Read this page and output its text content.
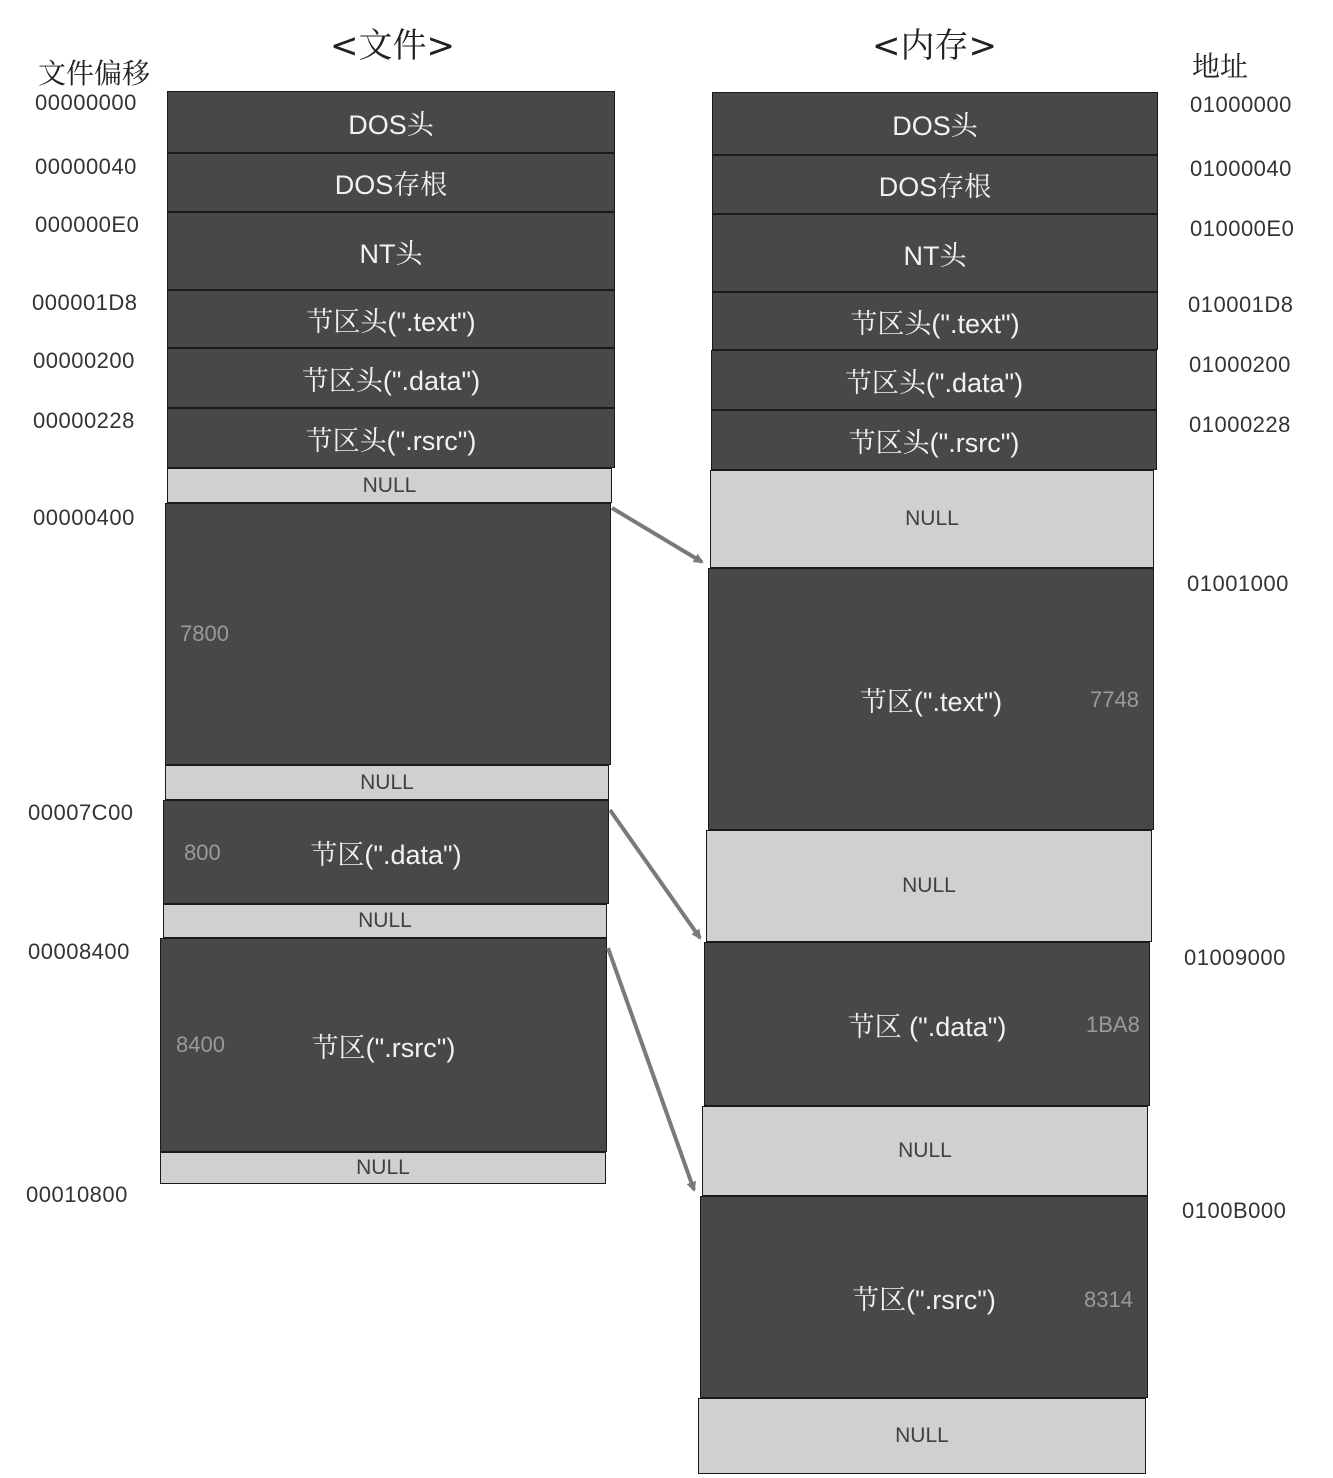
<文件>	<内存>
文件偏移	地址
00000000
00000040
000000E0
000001D8
00000200
00000228
00000400
00007C00
00008400
00010800
01000000
01000040
010000E0
010001D8
01000200
01000228
01001000
01009000
0100B000
DOS头
DOS存根
NT头
节区头(".text")
节区头(".data")
节区头(".rsrc")
NULL
NULL
节区(".data")
NULL
节区(".rsrc")
NULL
7800
800
8400
DOS头
DOS存根
NT头
节区头(".text")
节区头(".data")
节区头(".rsrc")
NULL
节区(".text")
NULL
节区 (".data")
NULL
节区(".rsrc")
NULL
7748
1BA8
8314
